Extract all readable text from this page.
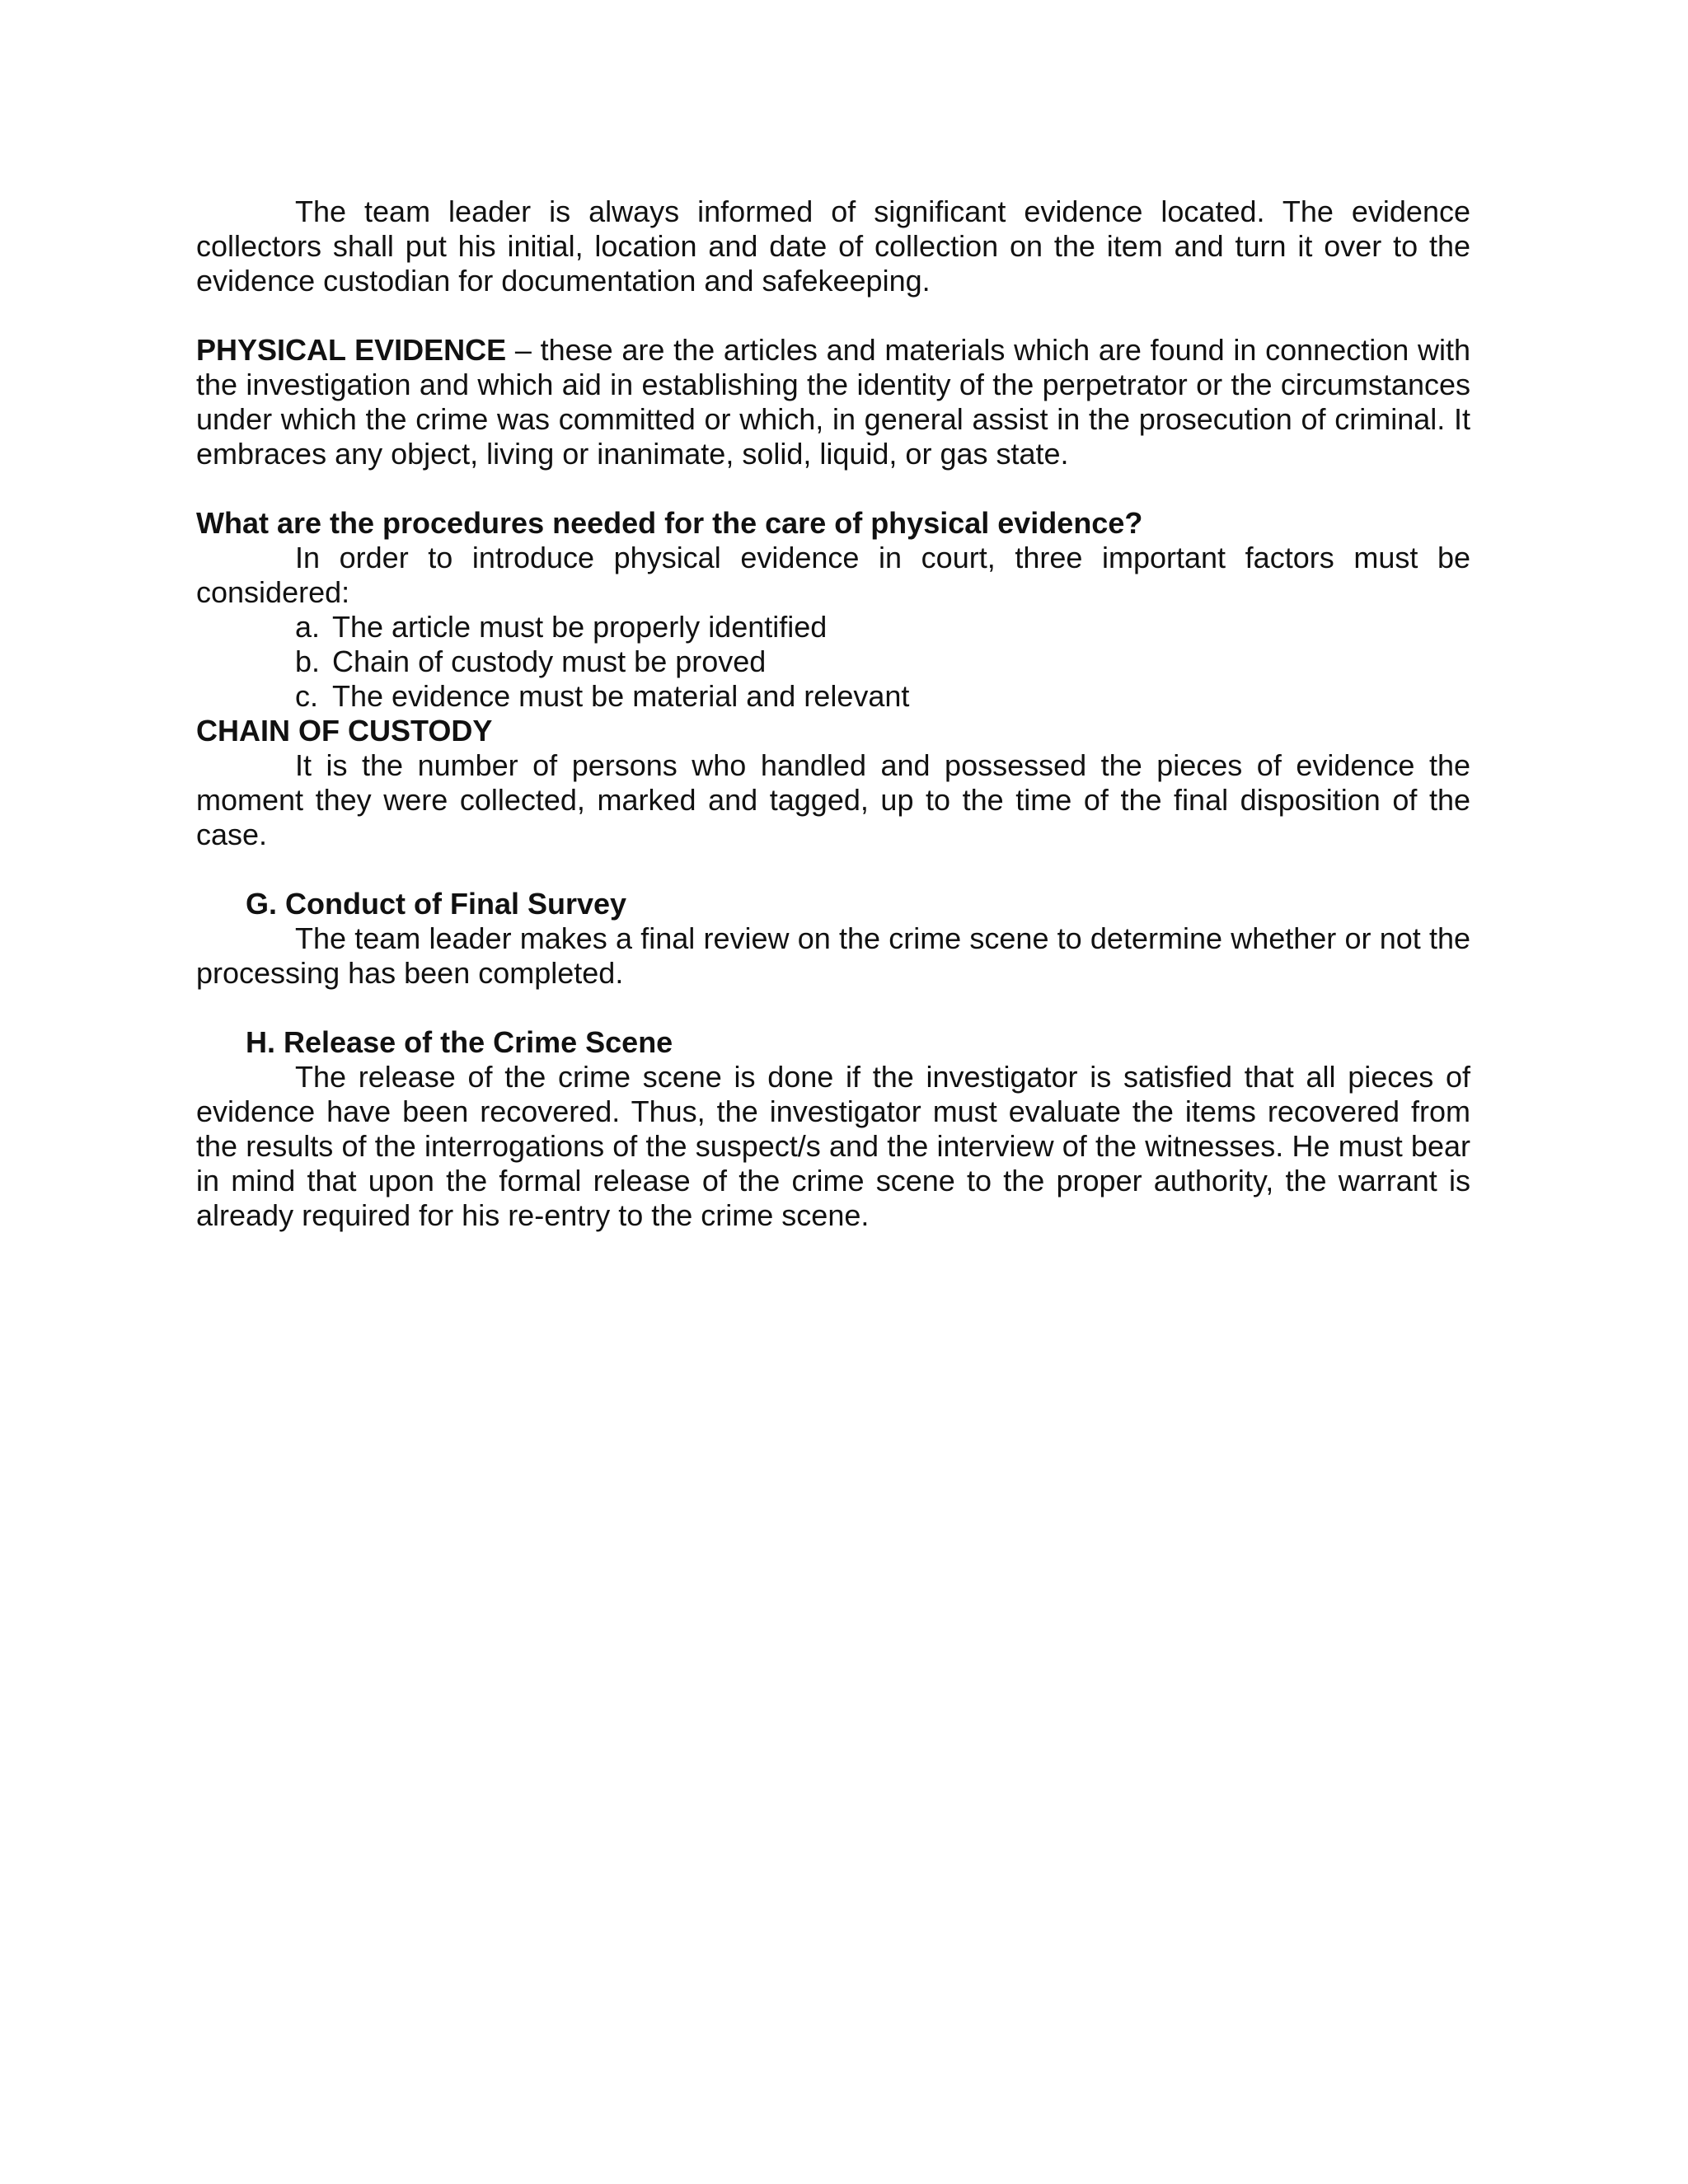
The team leader is always informed of significant evidence located. The evidence collectors shall put his initial, location and date of collection on the item and turn it over to the evidence custodian for documentation and safekeeping.

PHYSICAL EVIDENCE – these are the articles and materials which are found in connection with the investigation and which aid in establishing the identity of the perpetrator or the circumstances under which the crime was committed or which, in general assist in the prosecution of criminal. It embraces any object, living or inanimate, solid, liquid, or gas state.

What are the procedures needed for the care of physical evidence?

In order to introduce physical evidence in court, three important factors must be considered:

a. The article must be properly identified
b. Chain of custody must be proved
c. The evidence must be material and relevant

CHAIN OF CUSTODY

It is the number of persons who handled and possessed the pieces of evidence the moment they were collected, marked and tagged, up to the time of the final disposition of the case.

G. Conduct of Final Survey

The team leader makes a final review on the crime scene to determine whether or not the processing has been completed.

H. Release of the Crime Scene

The release of the crime scene is done if the investigator is satisfied that all pieces of evidence have been recovered. Thus, the investigator must evaluate the items recovered from the results of the interrogations of the suspect/s and the interview of the witnesses. He must bear in mind that upon the formal release of the crime scene to the proper authority, the warrant is already required for his re-entry to the crime scene.
